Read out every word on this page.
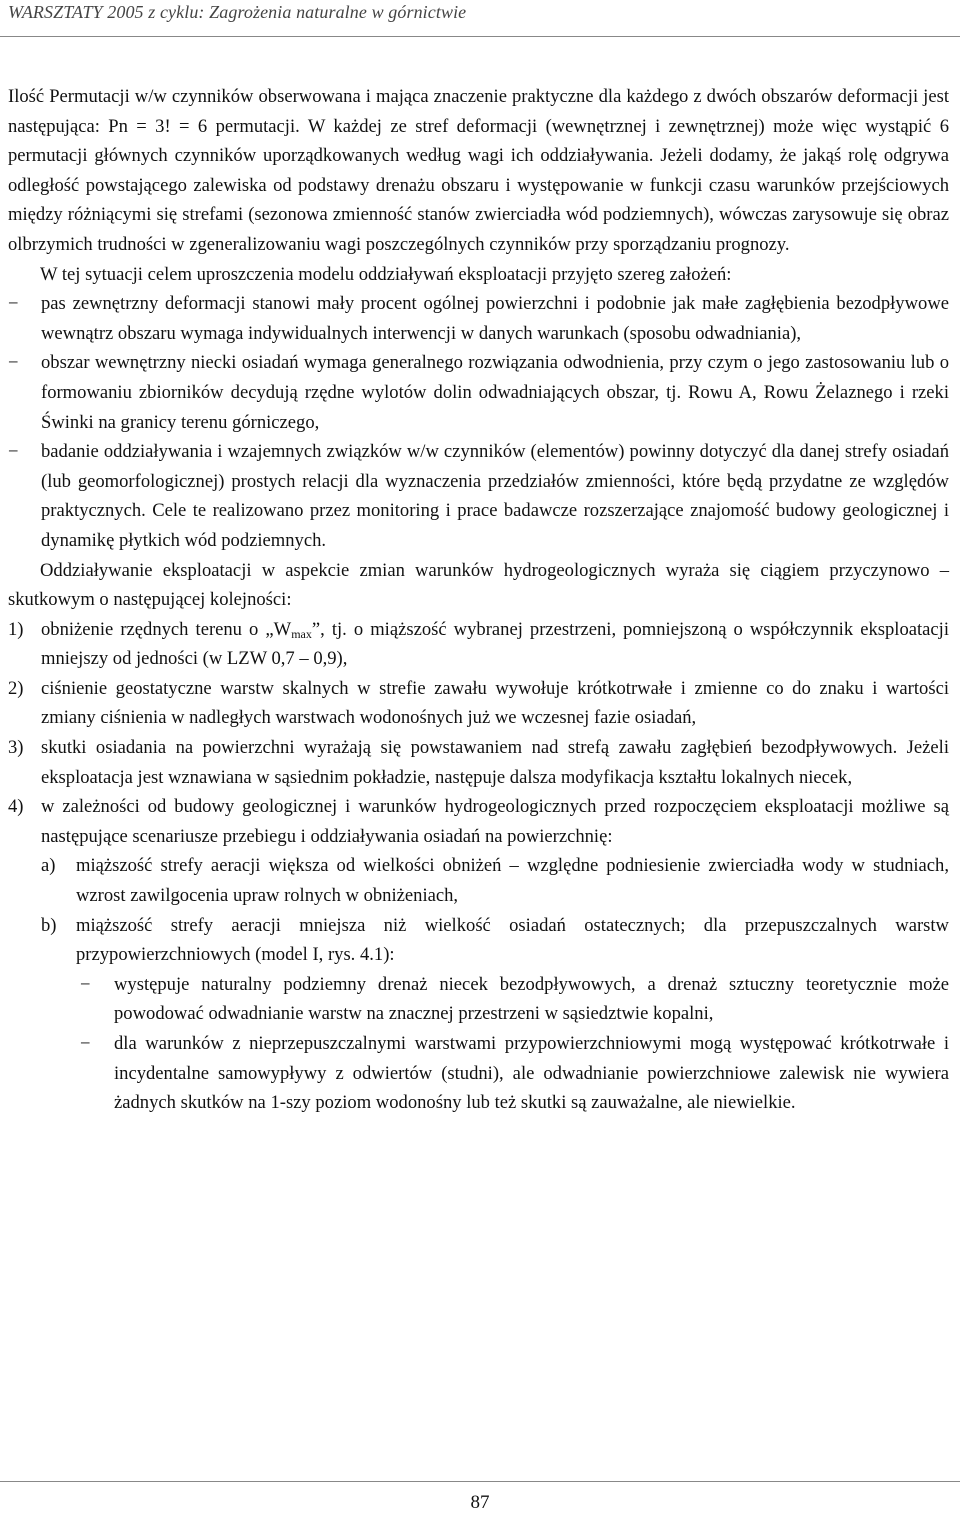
WARSZTATY 2005 z cyklu: Zagrożenia naturalne w górnictwie

Ilość Permutacji w/w czynników obserwowana i mająca znaczenie praktyczne dla każdego z dwóch obszarów deformacji jest następująca: Pn = 3! = 6 permutacji. W każdej ze stref deformacji (wewnętrznej i zewnętrznej) może więc wystąpić 6 permutacji głównych czynników uporządkowanych według wagi ich oddziaływania. Jeżeli dodamy, że jakąś rolę odgrywa odległość powstającego zalewiska od podstawy drenażu obszaru i występowanie w funkcji czasu warunków przejściowych między różniącymi się strefami (sezonowa zmienność stanów zwierciadła wód podziemnych), wówczas zarysowuje się obraz olbrzymich trudności w zgeneralizowaniu wagi poszczególnych czynników przy sporządzaniu prognozy.

W tej sytuacji celem uproszczenia modelu oddziaływań eksploatacji przyjęto szereg założeń:

− pas zewnętrzny deformacji stanowi mały procent ogólnej powierzchni i podobnie jak małe zagłębienia bezodpływowe wewnątrz obszaru wymaga indywidualnych interwencji w danych warunkach (sposobu odwadniania),
− obszar wewnętrzny niecki osiadań wymaga generalnego rozwiązania odwodnienia, przy czym o jego zastosowaniu lub o formowaniu zbiorników decydują rzędne wylotów dolin odwadniających obszar, tj. Rowu A, Rowu Żelaznego i rzeki Świnki na granicy terenu górniczego,
− badanie oddziaływania i wzajemnych związków w/w czynników (elementów) powinny dotyczyć dla danej strefy osiadań (lub geomorfologicznej) prostych relacji dla wyznaczenia przedziałów zmienności, które będą przydatne ze względów praktycznych. Cele te realizowano przez monitoring i prace badawcze rozszerzające znajomość budowy geologicznej i dynamikę płytkich wód podziemnych.

Oddziaływanie eksploatacji w aspekcie zmian warunków hydrogeologicznych wyraża się ciągiem przyczynowo – skutkowym o następującej kolejności:

1) obniżenie rzędnych terenu o $„W_{max}$”, tj. o miąższość wybranej przestrzeni, pomniejszoną o współczynnik eksploatacji mniejszy od jedności (w LZW 0,7 – 0,9),
2) ciśnienie geostatyczne warstw skalnych w strefie zawału wywołuje krótkotrwałe i zmienne co do znaku i wartości zmiany ciśnienia w nadległych warstwach wodonośnych już we wczesnej fazie osiadań,
3) skutki osiadania na powierzchni wyrażają się powstawaniem nad strefą zawału zagłębień bezodpływowych. Jeżeli eksploatacja jest wznawiana w sąsiednim pokładzie, następuje dalsza modyfikacja kształtu lokalnych niecek,
4) w zależności od budowy geologicznej i warunków hydrogeologicznych przed rozpoczęciem eksploatacji możliwe są następujące scenariusze przebiegu i oddziaływania osiadań na powierzchnię:
a) miąższość strefy aeracji większa od wielkości obniżeń – względne podniesienie zwierciadła wody w studniach, wzrost zawilgocenia upraw rolnych w obniżeniach,
b) miąższość strefy aeracji mniejsza niż wielkość osiadań ostatecznych; dla przepuszczalnych warstw przypowierzchniowych (model I, rys. 4.1):
− występuje naturalny podziemny drenaż niecek bezodpływowych, a drenaż sztuczny teoretycznie może powodować odwadnianie warstw na znacznej przestrzeni w sąsiedztwie kopalni,
− dla warunków z nieprzepuszczalnymi warstwami przypowierzchniowymi mogą występować krótkotrwałe i incydentalne samowypływy z odwiertów (studni), ale odwadnianie powierzchniowe zalewisk nie wywiera żadnych skutków na 1-szy poziom wodonośny lub też skutki są zauważalne, ale niewielkie.
87
